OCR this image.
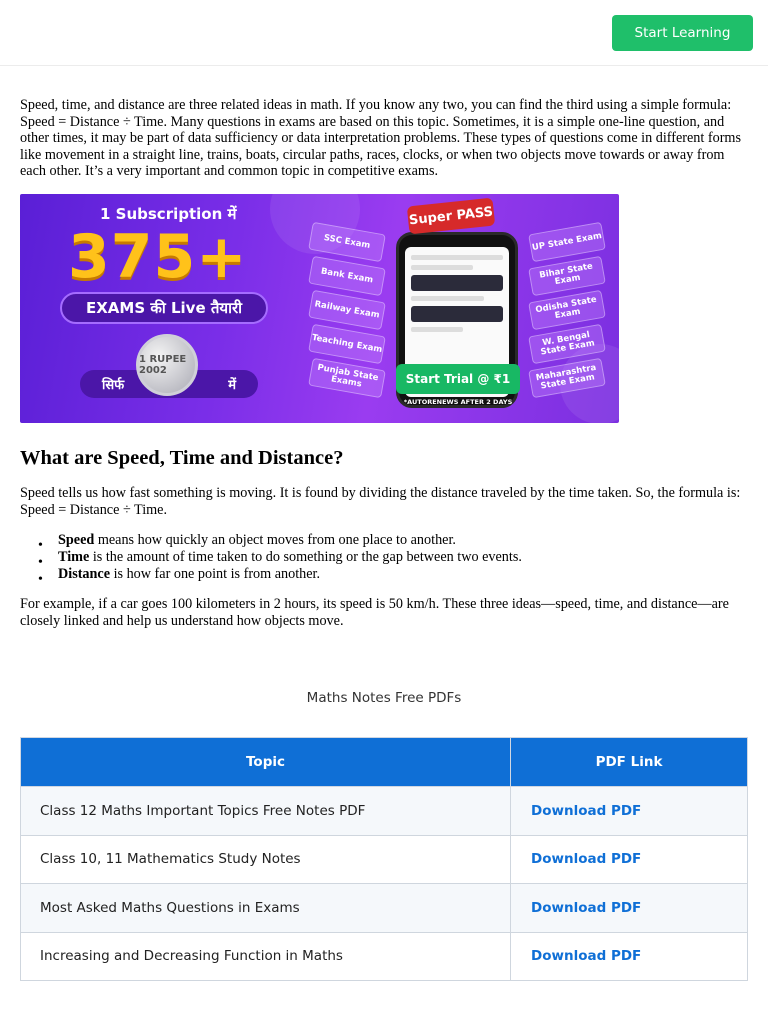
Start Learning

Speed, time, and distance are three related ideas in math. If you know any two, you can find the third using a simple formula: Speed = Distance ÷ Time. Many questions in exams are based on this topic. Sometimes, it is a simple one-line question, and other times, it may be part of data sufficiency or data interpretation problems. These types of questions come in different forms like movement in a straight line, trains, boats, circular paths, races, clocks, or when two objects move towards or away from each other. It’s a very important and common topic in competitive exams.

1 Subscription में
375+
EXAMS की Live तैयारी
सिर्फ	में
1 RUPEE 2002
SSC Exam
Bank Exam
Railway Exam
Teaching Exam
Punjab State Exams
Super PASS
Start Trial @ ₹1
*AUTORENEWS AFTER 2 DAYS
UP State Exam
Bihar State Exam
Odisha State Exam
W. Bengal State Exam
Maharashtra State Exam
What are Speed, Time and Distance?

Speed tells us how fast something is moving. It is found by dividing the distance traveled by the time taken. So, the formula is: Speed = Distance ÷ Time.

• Speed means how quickly an object moves from one place to another.
• Time is the amount of time taken to do something or the gap between two events.
• Distance is how far one point is from another.

For example, if a car goes 100 kilometers in 2 hours, its speed is 50 km/h. These three ideas—speed, time, and distance—are closely linked and help us understand how objects move.

Maths Notes Free PDFs
Topic	PDF Link
Class 12 Maths Important Topics Free Notes PDF	Download PDF
Class 10, 11 Mathematics Study Notes	Download PDF
Most Asked Maths Questions in Exams	Download PDF
Increasing and Decreasing Function in Maths	Download PDF
